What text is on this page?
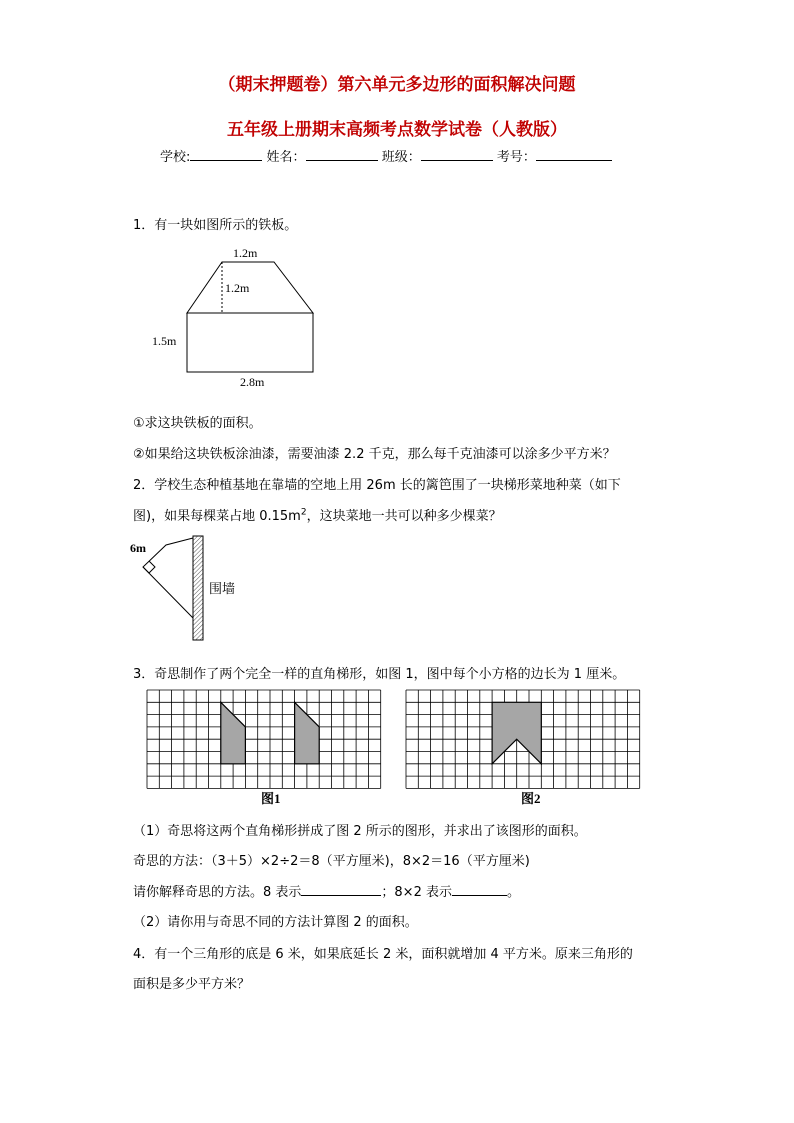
（期末押题卷）第六单元多边形的面积解决问题
五年级上册期末高频考点数学试卷（人教版）
学校:	姓名：	班级：	考号：
1．有一块如图所示的铁板。
1.2m
1.2m
1.5m
2.8m
①求这块铁板的面积。
②如果给这块铁板涂油漆，需要油漆 2.2 千克，那么每千克油漆可以涂多少平方米？
2．学校生态种植基地在靠墙的空地上用 26m 长的篱笆围了一块梯形菜地种菜（如下
图)，如果每棵菜占地 $0.15m^2$，这块菜地一共可以种多少棵菜？
6m
围墙
3．奇思制作了两个完全一样的直角梯形，如图 1，图中每个小方格的边长为 1 厘米。
图1	图2
（1）奇思将这两个直角梯形拼成了图 2 所示的图形，并求出了该图形的面积。
奇思的方法：（3＋5）×2÷2＝8（平方厘米)，8×2＝16（平方厘米)
请你解释奇思的方法。8 表示	；8×2 表示	。
（2）请你用与奇思不同的方法计算图 2 的面积。
4．有一个三角形的底是 6 米，如果底延长 2 米，面积就增加 4 平方米。原来三角形的
面积是多少平方米？
